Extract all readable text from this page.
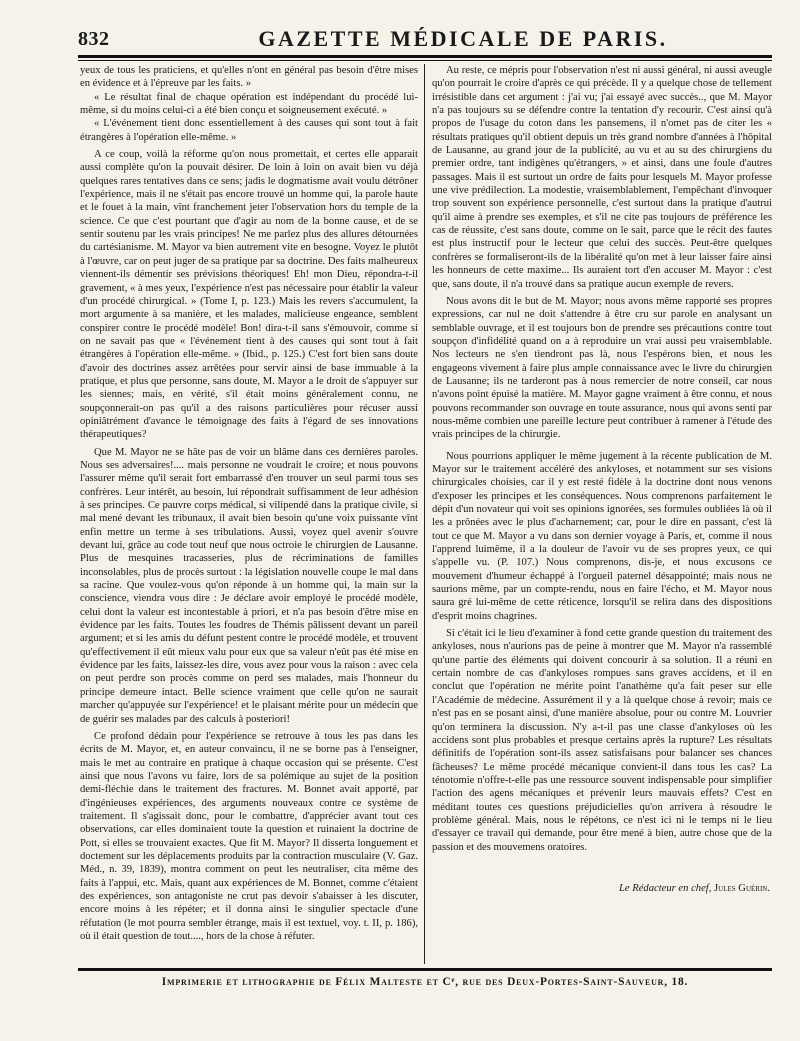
832	GAZETTE MÉDICALE DE PARIS.

yeux de tous les praticiens, et qu'elles n'ont en général pas besoin d'être mises en évidence et à l'épreuve par les faits. »

« Le résultat final de chaque opération est indépendant du procédé lui-même, si du moins celui-ci a été bien conçu et soigneusement exécuté. »

« L'événement tient donc essentiellement à des causes qui sont tout à fait étrangères à l'opération elle-même. »

A ce coup, voilà la réforme qu'on nous promettait, et certes elle apparait aussi complète qu'on la pouvait désirer. De loin à loin on avait bien vu déjà quelques rares tentatives dans ce sens; jadis le dogmatisme avait voulu détrôner l'expérience, mais il ne s'était pas encore trouvé un homme qui, la parole haute et le fouet à la main, vînt franchement jeter l'observation hors du temple de la science. Ce que c'est pourtant que d'agir au nom de la bonne cause, et de se sentir soutenu par les vrais principes! Ne me parlez plus des allures détournées du cartésianisme. M. Mayor va bien autrement vite en besogne. Voyez le plutôt à l'œuvre, car on peut juger de sa pratique par sa doctrine. Des faits malheureux viennent-ils démentir ses prévisions théoriques! Eh! mon Dieu, répondra-t-il gravement, « à mes yeux, l'expérience n'est pas nécessaire pour établir la valeur d'un procédé chirurgical. » (Tome I, p. 123.) Mais les revers s'accumulent, la mort argumente à sa manière, et les malades, malicieuse engeance, semblent conspirer contre le procédé modèle! Bon! dira-t-il sans s'émouvoir, comme si on ne savait pas que « l'événement tient à des causes qui sont tout à fait étrangères à l'opération elle-même. » (Ibid., p. 125.) C'est fort bien sans doute d'avoir des doctrines assez arrêtées pour servir ainsi de base immuable à la pratique, et plus que personne, sans doute, M. Mayor a le droit de s'appuyer sur les siennes; mais, en vérité, s'il était moins généralement connu, ne soupçonnerait-on pas qu'il a des raisons particulières pour récuser aussi opiniâtrément d'avance le témoignage des faits à l'égard de ses innovations thérapeutiques?

Que M. Mayor ne se hâte pas de voir un blâme dans ces dernières paroles. Nous ses adversaires!.... mais personne ne voudrait le croire; et nous pouvons l'assurer même qu'il serait fort embarrassé d'en trouver un seul parmi tous ses confrères. Leur intérêt, au besoin, lui répondrait suffisamment de leur adhésion à ses principes. Ce pauvre corps médical, si vilipendé dans la pratique civile, si mal mené devant les tribunaux, il avait bien besoin qu'une voix puissante vînt enfin mettre un terme à ses tribulations. Aussi, voyez quel avenir s'ouvre devant lui, grâce au code tout neuf que nous octroie le chirurgien de Lausanne. Plus de mesquines tracasseries, plus de récriminations de familles inconsolables, plus de procès surtout : la législation nouvelle coupe le mal dans sa racine. Que voulez-vous qu'on réponde à un homme qui, la main sur la conscience, viendra vous dire : Je déclare avoir employé le procédé modèle, celui dont la valeur est incontestable à priori, et n'a pas besoin d'être mise en évidence par les faits. Toutes les foudres de Thémis pâlissent devant un pareil argument; et si les amis du défunt pestent contre le procédé modèle, et trouvent qu'effectivement il eût mieux valu pour eux que sa valeur n'eût pas été mise en évidence par les faits, laissez-les dire, vous avez pour vous la raison : avec cela on peut perdre son procès comme on perd ses malades, mais l'honneur du principe demeure intact. Belle science vraiment que celle qu'on ne saurait marcher qu'appuyée sur l'expérience! et le plaisant mérite pour un médecin que de guérir ses malades par des calculs à posteriori!

Ce profond dédain pour l'expérience se retrouve à tous les pas dans les écrits de M. Mayor, et, en auteur convaincu, il ne se borne pas à l'enseigner, mais le met au contraire en pratique à chaque occasion qui se présente. C'est ainsi que nous l'avons vu faire, lors de sa polémique au sujet de la position demi-fléchie dans le traitement des fractures. M. Bonnet avait apporté, par d'ingénieuses expériences, des arguments nouveaux contre ce système de traitement. Il s'agissait donc, pour le combattre, d'apprécier avant tout ces observations, car elles dominaient toute la question et ruinaient la doctrine de Pott, si elles se trouvaient exactes. Que fit M. Mayor? Il disserta longuement et doctement sur les déplacements produits par la contraction musculaire (V. Gaz. Méd., n. 39, 1839), montra comment on peut les neutraliser, cita même des faits à l'appui, etc. Mais, quant aux expériences de M. Bonnet, comme c'étaient des expériences, son antagoniste ne crut pas devoir s'abaisser à les discuter, encore moins à les répéter; et il donna ainsi le singulier spectacle d'une réfutation (le mot pourra sembler étrange, mais il est textuel, voy. t. II, p. 186), où il était question de tout...., hors de la chose à réfuter.

Au reste, ce mépris pour l'observation n'est ni aussi général, ni aussi aveugle qu'on pourrait le croire d'après ce qui précède. Il y a quelque chose de tellement irrésistible dans cet argument : j'ai vu; j'ai essayé avec succès.., que M. Mayor n'a pas toujours su se défendre contre la tentation d'y recourir. C'est ainsi qu'à propos de l'usage du coton dans les pansemens, il n'omet pas de citer les « résultats pratiques qu'il obtient depuis un très grand nombre d'années à l'hôpital de Lausanne, au grand jour de la publicité, au vu et au su des chirurgiens du premier ordre, tant indigènes qu'étrangers, » et ainsi, dans une foule d'autres passages. Mais il est surtout un ordre de faits pour lesquels M. Mayor professe une vive prédilection. La modestie, vraisemblablement, l'empêchant d'invoquer trop souvent son expérience personnelle, c'est surtout dans la pratique d'autrui qu'il aime à prendre ses exemples, et s'il ne cite pas toujours de préférence les cas de réussite, c'est sans doute, comme on le sait, parce que le récit des fautes est plus instructif pour le lecteur que celui des succès. Peut-être quelques confrères se formaliseront-ils de la libéralité qu'on met à leur laisser faire ainsi les honneurs de cette maxime... Ils auraient tort d'en accuser M. Mayor : c'est que, sans doute, il n'a trouvé dans sa pratique aucun exemple de revers.

Nous avons dit le but de M. Mayor; nous avons même rapporté ses propres expressions, car nul ne doit s'attendre à être cru sur parole en analysant un semblable ouvrage, et il est toujours bon de prendre ses précautions contre tout soupçon d'infidélité quand on a à reproduire un vrai aussi peu vraisemblable. Nos lecteurs ne s'en tiendront pas là, nous l'espérons bien, et nous les engageons vivement à faire plus ample connaissance avec le livre du chirurgien de Lausanne; ils ne tarderont pas à nous remercier de notre conseil, car nous n'avons point épuisé la matière. M. Mayor gagne vraiment à être connu, et nous pouvons recommander son ouvrage en toute assurance, nous qui avons senti par nous-même combien une pareille lecture peut contribuer à ramener à l'étude des vrais principes de la chirurgie.

Nous pourrions appliquer le même jugement à la récente publication de M. Mayor sur le traitement accéléré des ankyloses, et notamment sur ses visions chirurgicales choisies, car il y est resté fidèle à la doctrine dont nous venons d'exposer les principes et les conséquences. Nous comprenons parfaitement le dépit d'un novateur qui voit ses opinions ignorées, ses formules oubliées là où il les a prônées avec le plus d'acharnement; car, pour le dire en passant, c'est là tout ce que M. Mayor a vu dans son dernier voyage à Paris, et, comme il nous l'apprend luimême, il a la douleur de l'avoir vu de ses propres yeux, ce qui s'appelle vu. (P. 107.) Nous comprenons, dis-je, et nous excusons ce mouvement d'humeur échappé à l'orgueil paternel désappointé; mais nous ne saurions même, par un compte-rendu, nous en faire l'écho, et M. Mayor nous saura gré lui-même de cette réticence, lorsqu'il se relira dans des dispositions d'esprit moins chagrines.

Si c'était ici le lieu d'examiner à fond cette grande question du traitement des ankyloses, nous n'aurions pas de peine à montrer que M. Mayor n'a rassemblé qu'une partie des éléments qui doivent concourir à sa solution. Il a réuni en certain nombre de cas d'ankyloses rompues sans graves accidens, et il en conclut que l'opération ne mérite point l'anathème qu'a fait peser sur elle l'Académie de médecine. Assurément il y a là quelque chose à revoir; mais ce n'est pas en se posant ainsi, d'une manière absolue, pour ou contre M. Louvrier qu'on terminera la discussion. N'y a-t-il pas une classe d'ankyloses où les accidens sont plus probables et presque certains après la rupture? Les résultats définitifs de l'opération sont-ils assez satisfaisans pour balancer ses chances fâcheuses? Le même procédé mécanique convient-il dans tous les cas? La ténotomie n'offre-t-elle pas une ressource souvent indispensable pour simplifier l'action des agens mécaniques et prévenir leurs mauvais effets? C'est en méditant toutes ces questions préjudicielles qu'on arrivera à résoudre le problème général. Mais, nous le répétons, ce n'est ici ni le temps ni le lieu d'essayer ce travail qui demande, pour être mené à bien, autre chose que de la passion et des mouvemens oratoires.

Le Rédacteur en chef, Jules Guérin.
Imprimerie et lithographie de Félix Malteste et Cᵉ, rue des Deux-Portes-Saint-Sauveur, 18.
